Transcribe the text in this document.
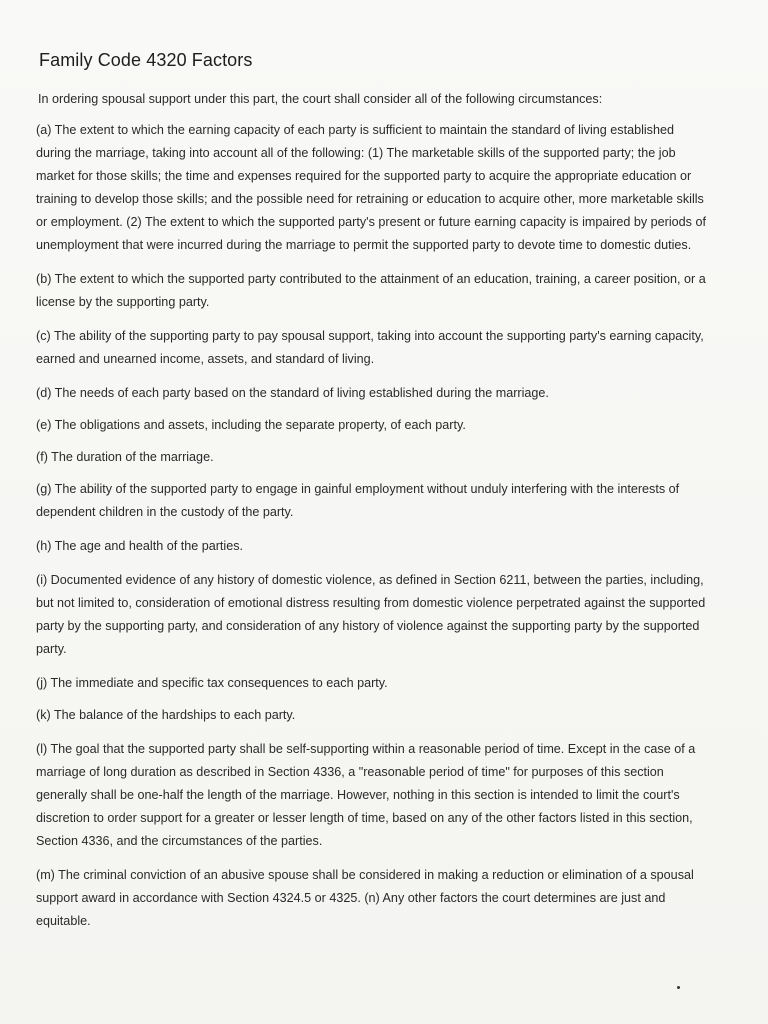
Family Code 4320 Factors

In ordering spousal support under this part, the court shall consider all of the following circumstances:

(a) The extent to which the earning capacity of each party is sufficient to maintain the standard of living established during the marriage, taking into account all of the following: (1) The marketable skills of the supported party; the job market for those skills; the time and expenses required for the supported party to acquire the appropriate education or training to develop those skills; and the possible need for retraining or education to acquire other, more marketable skills or employment. (2) The extent to which the supported party's present or future earning capacity is impaired by periods of unemployment that were incurred during the marriage to permit the supported party to devote time to domestic duties.

(b) The extent to which the supported party contributed to the attainment of an education, training, a career position, or a license by the supporting party.

(c) The ability of the supporting party to pay spousal support, taking into account the supporting party's earning capacity, earned and unearned income, assets, and standard of living.

(d) The needs of each party based on the standard of living established during the marriage.

(e) The obligations and assets, including the separate property, of each party.

(f) The duration of the marriage.

(g) The ability of the supported party to engage in gainful employment without unduly interfering with the interests of dependent children in the custody of the party.

(h) The age and health of the parties.

(i) Documented evidence of any history of domestic violence, as defined in Section 6211, between the parties, including, but not limited to, consideration of emotional distress resulting from domestic violence perpetrated against the supported party by the supporting party, and consideration of any history of violence against the supporting party by the supported party.

(j) The immediate and specific tax consequences to each party.

(k) The balance of the hardships to each party.

(l) The goal that the supported party shall be self-supporting within a reasonable period of time. Except in the case of a marriage of long duration as described in Section 4336, a "reasonable period of time" for purposes of this section generally shall be one-half the length of the marriage. However, nothing in this section is intended to limit the court's discretion to order support for a greater or lesser length of time, based on any of the other factors listed in this section, Section 4336, and the circumstances of the parties.

(m) The criminal conviction of an abusive spouse shall be considered in making a reduction or elimination of a spousal support award in accordance with Section 4324.5 or 4325. (n) Any other factors the court determines are just and equitable.
